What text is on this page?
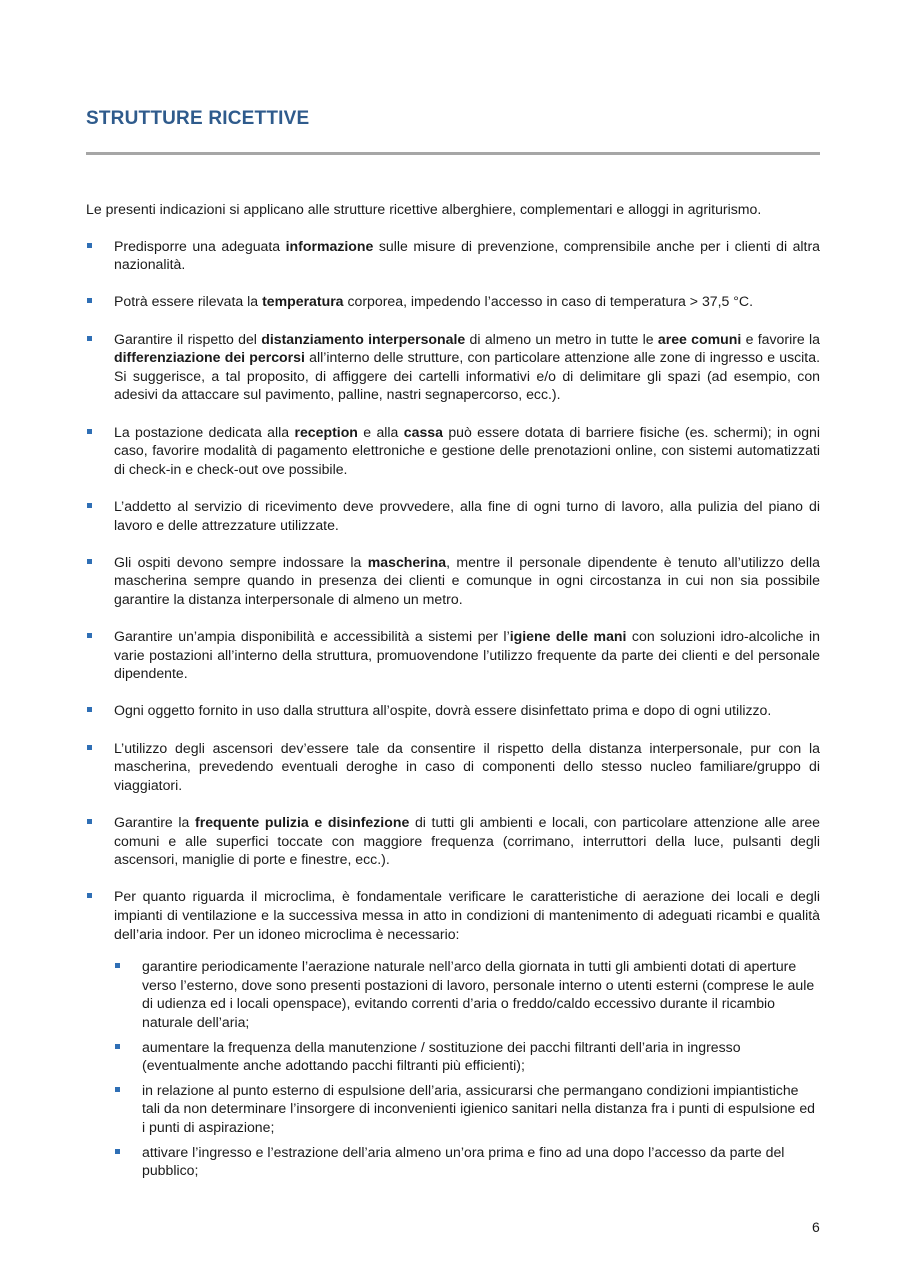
STRUTTURE RICETTIVE

Le presenti indicazioni si applicano alle strutture ricettive alberghiere, complementari e alloggi in agriturismo.

Predisporre una adeguata informazione sulle misure di prevenzione, comprensibile anche per i clienti di altra nazionalità.
Potrà essere rilevata la temperatura corporea, impedendo l’accesso in caso di temperatura > 37,5 °C.
Garantire il rispetto del distanziamento interpersonale di almeno un metro in tutte le aree comuni e favorire la differenziazione dei percorsi all’interno delle strutture, con particolare attenzione alle zone di ingresso e uscita. Si suggerisce, a tal proposito, di affiggere dei cartelli informativi e/o di delimitare gli spazi (ad esempio, con adesivi da attaccare sul pavimento, palline, nastri segnapercorso, ecc.).
La postazione dedicata alla reception e alla cassa può essere dotata di barriere fisiche (es. schermi); in ogni caso, favorire modalità di pagamento elettroniche e gestione delle prenotazioni online, con sistemi automatizzati di check-in e check-out ove possibile.
L’addetto al servizio di ricevimento deve provvedere, alla fine di ogni turno di lavoro, alla pulizia del piano di lavoro e delle attrezzature utilizzate.
Gli ospiti devono sempre indossare la mascherina, mentre il personale dipendente è tenuto all’utilizzo della mascherina sempre quando in presenza dei clienti e comunque in ogni circostanza in cui non sia possibile garantire la distanza interpersonale di almeno un metro.
Garantire un’ampia disponibilità e accessibilità a sistemi per l’igiene delle mani con soluzioni idro-alcoliche in varie postazioni all’interno della struttura, promuovendone l’utilizzo frequente da parte dei clienti e del personale dipendente.
Ogni oggetto fornito in uso dalla struttura all’ospite, dovrà essere disinfettato prima e dopo di ogni utilizzo.
L’utilizzo degli ascensori dev’essere tale da consentire il rispetto della distanza interpersonale, pur con la mascherina, prevedendo eventuali deroghe in caso di componenti dello stesso nucleo familiare/gruppo di viaggiatori.
Garantire la frequente pulizia e disinfezione di tutti gli ambienti e locali, con particolare attenzione alle aree comuni e alle superfici toccate con maggiore frequenza (corrimano, interruttori della luce, pulsanti degli ascensori, maniglie di porte e finestre, ecc.).
Per quanto riguarda il microclima, è fondamentale verificare le caratteristiche di aerazione dei locali e degli impianti di ventilazione e la successiva messa in atto in condizioni di mantenimento di adeguati ricambi e qualità dell’aria indoor. Per un idoneo microclima è necessario:
garantire periodicamente l’aerazione naturale nell’arco della giornata in tutti gli ambienti dotati di aperture verso l’esterno, dove sono presenti postazioni di lavoro, personale interno o utenti esterni (comprese le aule di udienza ed i locali openspace), evitando correnti d’aria o freddo/caldo eccessivo durante il ricambio naturale dell’aria;
aumentare la frequenza della manutenzione / sostituzione dei pacchi filtranti dell’aria in ingresso (eventualmente anche adottando pacchi filtranti più efficienti);
in relazione al punto esterno di espulsione dell’aria, assicurarsi che permangano condizioni impiantistiche tali da non determinare l’insorgere di inconvenienti igienico sanitari nella distanza fra i punti di espulsione ed i punti di aspirazione;
attivare l’ingresso e l’estrazione dell’aria almeno un’ora prima e fino ad una dopo l’accesso da parte del pubblico;
6
